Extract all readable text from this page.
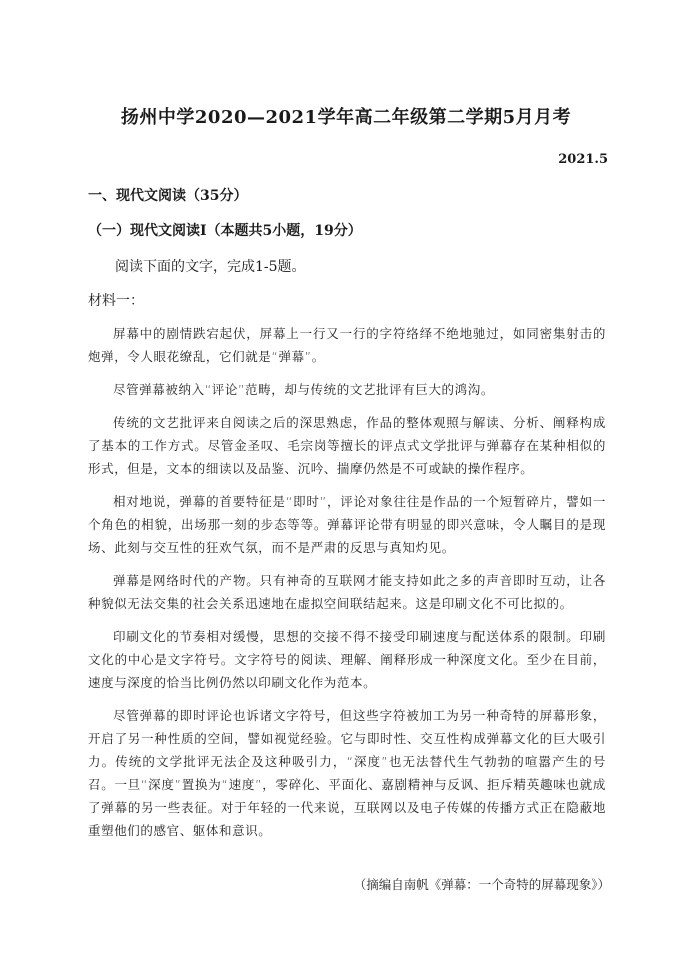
扬州中学2020—2021学年高二年级第二学期5月月考
2021.5
一、现代文阅读（35分）
（一）现代文阅读Ⅰ（本题共5小题，19分）
阅读下面的文字，完成1-5题。
材料一：

屏幕中的剧情跌宕起伏，屏幕上一行又一行的字符络绎不绝地驰过，如同密集射击的炮弹，令人眼花缭乱，它们就是“弹幕”。

尽管弹幕被纳入“评论”范畴，却与传统的文艺批评有巨大的鸿沟。

传统的文艺批评来自阅读之后的深思熟虑，作品的整体观照与解读、分析、阐释构成了基本的工作方式。尽管金圣叹、毛宗岗等擅长的评点式文学批评与弹幕存在某种相似的形式，但是，文本的细读以及品鉴、沉吟、揣摩仍然是不可或缺的操作程序。

相对地说，弹幕的首要特征是“即时”，评论对象往往是作品的一个短暂碎片，譬如一个角色的相貌，出场那一刻的步态等等。弹幕评论带有明显的即兴意味，令人瞩目的是现场、此刻与交互性的狂欢气氛，而不是严肃的反思与真知灼见。

弹幕是网络时代的产物。只有神奇的互联网才能支持如此之多的声音即时互动，让各种貌似无法交集的社会关系迅速地在虚拟空间联结起来。这是印刷文化不可比拟的。

印刷文化的节奏相对缓慢，思想的交接不得不接受印刷速度与配送体系的限制。印刷文化的中心是文字符号。文字符号的阅读、理解、阐释形成一种深度文化。至少在目前，速度与深度的恰当比例仍然以印刷文化作为范本。

尽管弹幕的即时评论也诉诸文字符号，但这些字符被加工为另一种奇特的屏幕形象，开启了另一种性质的空间，譬如视觉经验。它与即时性、交互性构成弹幕文化的巨大吸引力。传统的文学批评无法企及这种吸引力，“深度”也无法替代生气勃勃的喧嚣产生的号召。一旦“深度”置换为“速度”，零碎化、平面化、嘉剧精神与反讽、拒斥精英趣味也就成了弹幕的另一些表征。对于年轻的一代来说，互联网以及电子传媒的传播方式正在隐蔽地重塑他们的感官、躯体和意识。

（摘编自南帆《弹幕：一个奇特的屏幕现象》）
